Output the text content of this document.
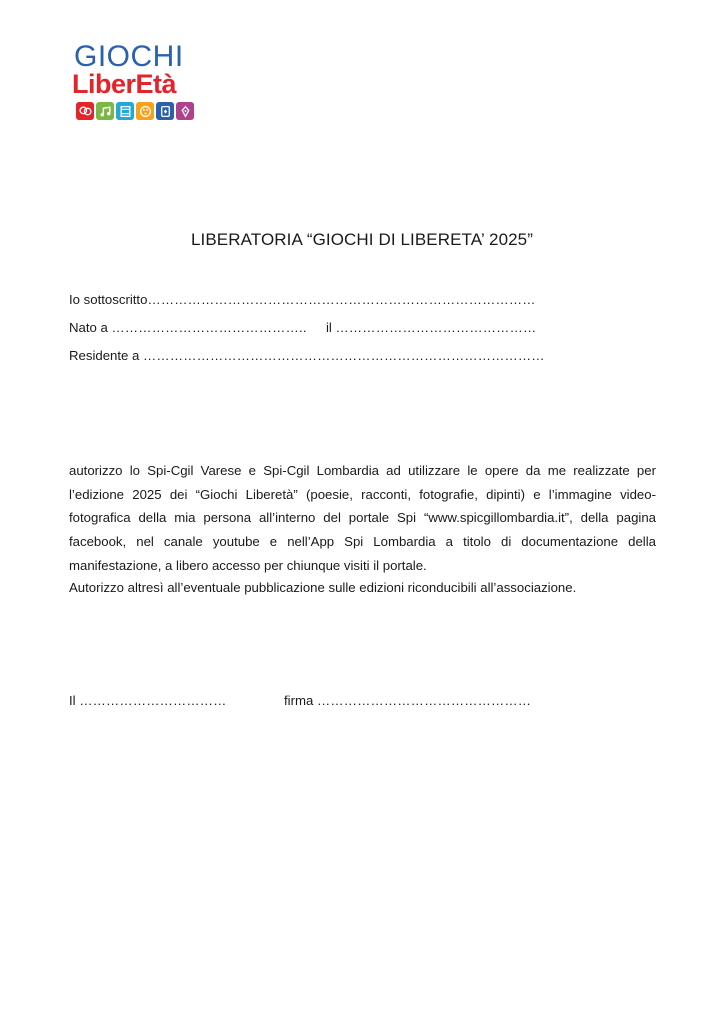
GIOCHI
LiberEtà
LIBERATORIA “GIOCHI DI LIBERETA’ 2025”
Io sottoscritto……………………………………………………………………………
Nato a …………………………………….. il ………………………………………
Residente a ………………………………………………………………………………

autorizzo lo Spi-Cgil Varese e Spi-Cgil Lombardia ad utilizzare le opere da me realizzate per l’edizione 2025 dei “Giochi Liberetà” (poesie, racconti, fotografie, dipinti) e l’immagine video-fotografica della mia persona all’interno del portale Spi “www.spicgillombardia.it”, della pagina facebook, nel canale youtube e nell’App Spi Lombardia a titolo di documentazione della manifestazione, a libero accesso per chiunque visiti il portale.

Autorizzo altresì all’eventuale pubblicazione sulle edizioni riconducibili all’associazione.

Il ……………………………	firma …………………………………………
